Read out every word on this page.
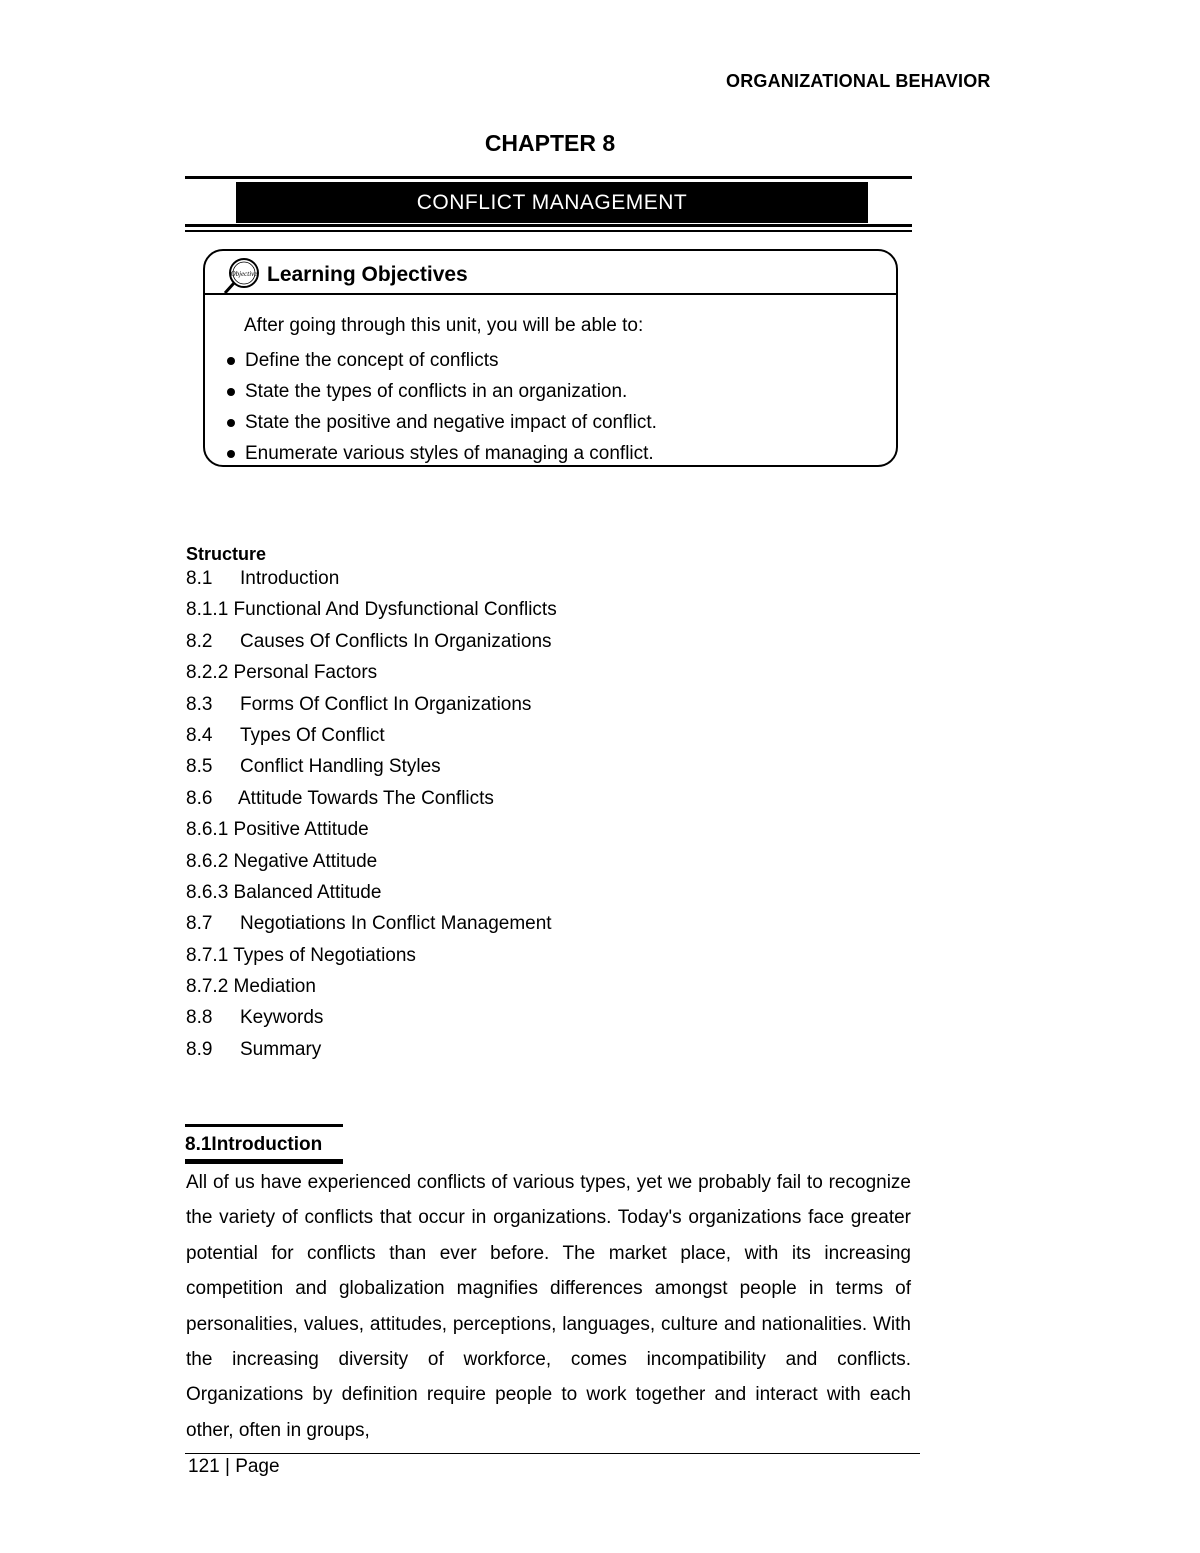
ORGANIZATIONAL BEHAVIOR
CHAPTER 8
CONFLICT MANAGEMENT
Objective Learning Objectives
After going through this unit, you will be able to:
Define the concept of conflicts
State the types of conflicts in an organization.
State the positive and negative impact of conflict.
Enumerate various styles of managing a conflict.
Structure
8.1 Introduction
8.1.1 Functional And Dysfunctional Conflicts
8.2 Causes Of Conflicts In Organizations
8.2.2 Personal Factors
8.3 Forms Of Conflict In Organizations
8.4 Types Of Conflict
8.5 Conflict Handling Styles
8.6 Attitude Towards The Conflicts
8.6.1 Positive Attitude
8.6.2 Negative Attitude
8.6.3 Balanced Attitude
8.7 Negotiations In Conflict Management
8.7.1 Types of Negotiations
8.7.2 Mediation
8.8 Keywords
8.9 Summary
8.1Introduction

All of us have experienced conflicts of various types, yet we probably fail to recognize the variety of conflicts that occur in organizations. Today's organizations face greater potential for conflicts than ever before. The market place, with its increasing competition and globalization magnifies differences amongst people in terms of personalities, values, attitudes, perceptions, languages, culture and nationalities. With the increasing diversity of workforce, comes incompatibility and conflicts. Organizations by definition require people to work together and interact with each other, often in groups,

121 | Page
